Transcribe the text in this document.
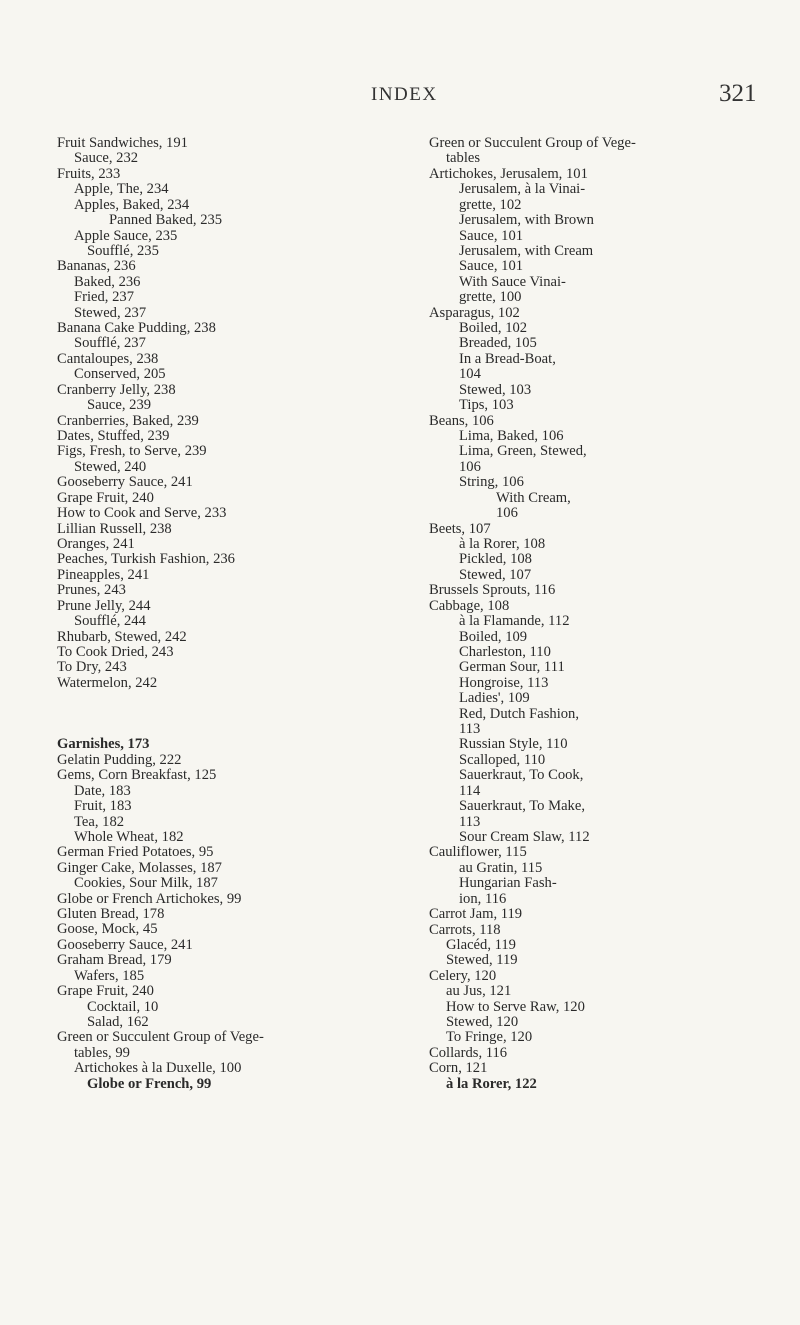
INDEX	321
Fruit Sandwiches, 191
Sauce, 232
Fruits, 233
Apple, The, 234
Apples, Baked, 234
Panned Baked, 235
Apple Sauce, 235
Soufflé, 235
Bananas, 236
Baked, 236
Fried, 237
Stewed, 237
Banana Cake Pudding, 238
Soufflé, 237
Cantaloupes, 238
Conserved, 205
Cranberry Jelly, 238
Sauce, 239
Cranberries, Baked, 239
Dates, Stuffed, 239
Figs, Fresh, to Serve, 239
Stewed, 240
Gooseberry Sauce, 241
Grape Fruit, 240
How to Cook and Serve, 233
Lillian Russell, 238
Oranges, 241
Peaches, Turkish Fashion, 236
Pineapples, 241
Prunes, 243
Prune Jelly, 244
Soufflé, 244
Rhubarb, Stewed, 242
To Cook Dried, 243
To Dry, 243
Watermelon, 242
Garnishes, 173
Gelatin Pudding, 222
Gems, Corn Breakfast, 125
Date, 183
Fruit, 183
Tea, 182
Whole Wheat, 182
German Fried Potatoes, 95
Ginger Cake, Molasses, 187
Cookies, Sour Milk, 187
Globe or French Artichokes, 99
Gluten Bread, 178
Goose, Mock, 45
Gooseberry Sauce, 241
Graham Bread, 179
Wafers, 185
Grape Fruit, 240
Cocktail, 10
Salad, 162
Green or Succulent Group of Vege-
tables, 99
Artichokes à la Duxelle, 100
Globe or French, 99
Green or Succulent Group of Vege-
tables
Artichokes, Jerusalem, 101
Jerusalem, à la Vinai-
grette, 102
Jerusalem, with Brown
Sauce, 101
Jerusalem, with Cream
Sauce, 101
With Sauce Vinai-
grette, 100
Asparagus, 102
Boiled, 102
Breaded, 105
In a Bread-Boat,
104
Stewed, 103
Tips, 103
Beans, 106
Lima, Baked, 106
Lima, Green, Stewed,
106
String, 106
With Cream,
106
Beets, 107
à la Rorer, 108
Pickled, 108
Stewed, 107
Brussels Sprouts, 116
Cabbage, 108
à la Flamande, 112
Boiled, 109
Charleston, 110
German Sour, 111
Hongroise, 113
Ladies', 109
Red, Dutch Fashion,
113
Russian Style, 110
Scalloped, 110
Sauerkraut, To Cook,
114
Sauerkraut, To Make,
113
Sour Cream Slaw, 112
Cauliflower, 115
au Gratin, 115
Hungarian Fash-
ion, 116
Carrot Jam, 119
Carrots, 118
Glacéd, 119
Stewed, 119
Celery, 120
au Jus, 121
How to Serve Raw, 120
Stewed, 120
To Fringe, 120
Collards, 116
Corn, 121
à la Rorer, 122
